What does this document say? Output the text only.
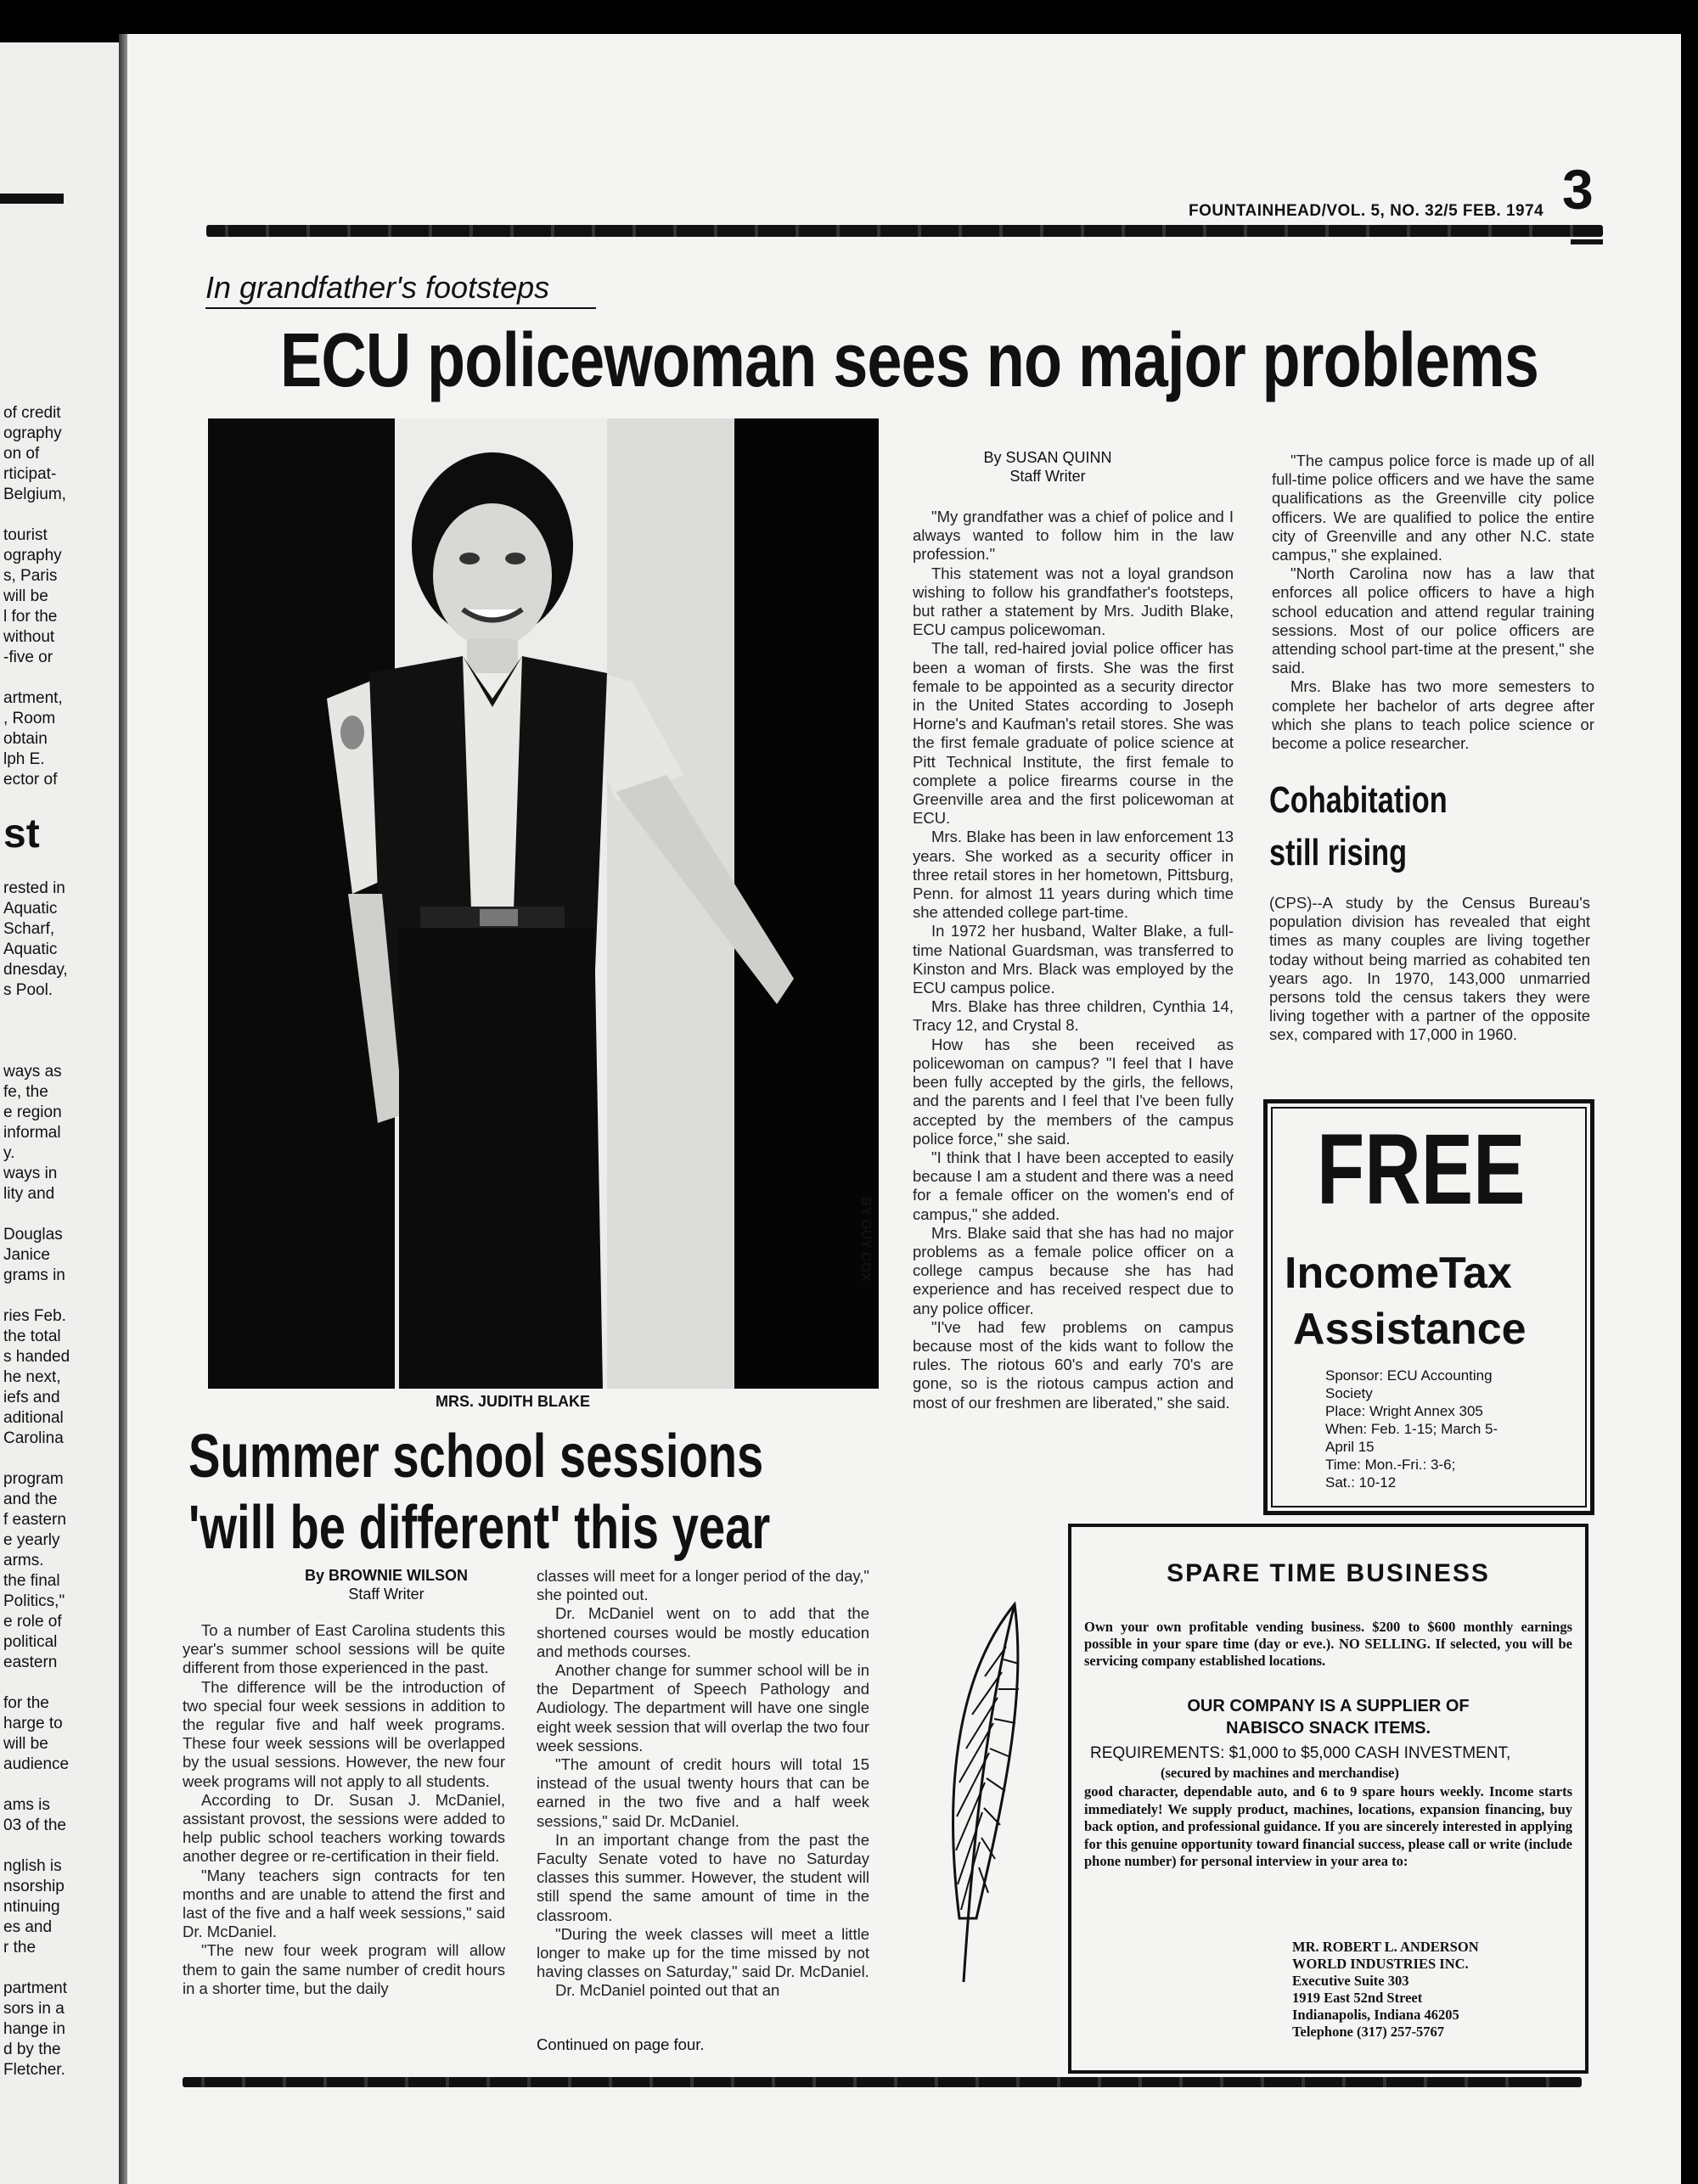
of credit
ography
on of
rticipat-
Belgium,

tourist
ography
s, Paris
will be
l for the
without
-five or

artment,
, Room
obtain
lph E.
ector of

st

rested in
Aquatic
Scharf,
Aquatic
dnesday,
s Pool.

ways as
fe, the
e region
informal
y.
ways in
lity and

Douglas
Janice
grams in

ries Feb.
the total
s handed
he next,
iefs and
aditional
Carolina

program
and the
f eastern
e yearly
arms.
the final
Politics,"
e role of
political
eastern

for the
harge to
will be
audience

ams is
03 of the

nglish is
nsorship
ntinuing
es and
r the

partment
sors in a
hange in
d by the
Fletcher.
FOUNTAINHEAD/VOL. 5, NO. 32/5 FEB. 1974 3
In grandfather's footsteps
ECU policewoman sees no major problems
BY GUY COX
MRS. JUDITH BLAKE
By SUSAN QUINN
Staff Writer

"My grandfather was a chief of police and I always wanted to follow him in the law profession."

This statement was not a loyal grandson wishing to follow his grandfather's footsteps, but rather a statement by Mrs. Judith Blake, ECU campus policewoman.

The tall, red-haired jovial police officer has been a woman of firsts. She was the first female to be appointed as a security director in the United States according to Joseph Horne's and Kaufman's retail stores. She was the first female graduate of police science at Pitt Technical Institute, the first female to complete a police firearms course in the Greenville area and the first policewoman at ECU.

Mrs. Blake has been in law enforcement 13 years. She worked as a security officer in three retail stores in her hometown, Pittsburg, Penn. for almost 11 years during which time she attended college part-time.

In 1972 her husband, Walter Blake, a full-time National Guardsman, was transferred to Kinston and Mrs. Black was employed by the ECU campus police.

Mrs. Blake has three children, Cynthia 14, Tracy 12, and Crystal 8.

How has she been received as policewoman on campus? "I feel that I have been fully accepted by the girls, the fellows, and the parents and I feel that I've been fully accepted by the members of the campus police force," she said.

"I think that I have been accepted to easily because I am a student and there was a need for a female officer on the women's end of campus," she added.

Mrs. Blake said that she has had no major problems as a female police officer on a college campus because she has had experience and has received respect due to any police officer.

"I've had few problems on campus because most of the kids want to follow the rules. The riotous 60's and early 70's are gone, so is the riotous campus action and most of our freshmen are liberated," she said.

"The campus police force is made up of all full-time police officers and we have the same qualifications as the Greenville city police officers. We are qualified to police the entire city of Greenville and any other N.C. state campus," she explained.

"North Carolina now has a law that enforces all police officers to have a high school education and attend regular training sessions. Most of our police officers are attending school part-time at the present," she said.

Mrs. Blake has two more semesters to complete her bachelor of arts degree after which she plans to teach police science or become a police researcher.

Cohabitation
still rising

(CPS)--A study by the Census Bureau's population division has revealed that eight times as many couples are living together today without being married as cohabited ten years ago. In 1970, 143,000 unmarried persons told the census takers they were living together with a partner of the opposite sex, compared with 17,000 in 1960.

FREE
IncomeTax
Assistance
Sponsor: ECU Accounting
Society
Place: Wright Annex 305
When: Feb. 1-15; March 5-
April 15
Time: Mon.-Fri.: 3-6;
Sat.: 10-12
Summer school sessions
'will be different' this year
By BROWNIE WILSON
Staff Writer

To a number of East Carolina students this year's summer school sessions will be quite different from those experienced in the past.

The difference will be the introduction of two special four week sessions in addition to the regular five and half week programs. These four week sessions will be overlapped by the usual sessions. However, the new four week programs will not apply to all students.

According to Dr. Susan J. McDaniel, assistant provost, the sessions were added to help public school teachers working towards another degree or re-certification in their field.

"Many teachers sign contracts for ten months and are unable to attend the first and last of the five and a half week sessions," said Dr. McDaniel.

"The new four week program will allow them to gain the same number of credit hours in a shorter time, but the daily

classes will meet for a longer period of the day," she pointed out.

Dr. McDaniel went on to add that the shortened courses would be mostly education and methods courses.

Another change for summer school will be in the Department of Speech Pathology and Audiology. The department will have one single eight week session that will overlap the two four week sessions.

"The amount of credit hours will total 15 instead of the usual twenty hours that can be earned in the two five and a half week sessions," said Dr. McDaniel.

In an important change from the past the Faculty Senate voted to have no Saturday classes this summer. However, the student will still spend the same amount of time in the classroom.

"During the week classes will meet a little longer to make up for the time missed by not having classes on Saturday," said Dr. McDaniel.

Dr. McDaniel pointed out that an

Continued on page four.
SPARE TIME BUSINESS
Own your own profitable vending business. $200 to $600 monthly earnings possible in your spare time (day or eve.). NO SELLING. If selected, you will be servicing company established locations.
OUR COMPANY IS A SUPPLIER OF
NABISCO SNACK ITEMS.
REQUIREMENTS: $1,000 to $5,000 CASH INVESTMENT,
(secured by machines and merchandise)
good character, dependable auto, and 6 to 9 spare hours weekly. Income starts immediately! We supply product, machines, locations, expansion financing, buy back option, and professional guidance. If you are sincerely interested in applying for this genuine opportunity toward financial success, please call or write (include phone number) for personal interview in your area to:
MR. ROBERT L. ANDERSON
WORLD INDUSTRIES INC.
Executive Suite 303
1919 East 52nd Street
Indianapolis, Indiana 46205
Telephone (317) 257-5767
